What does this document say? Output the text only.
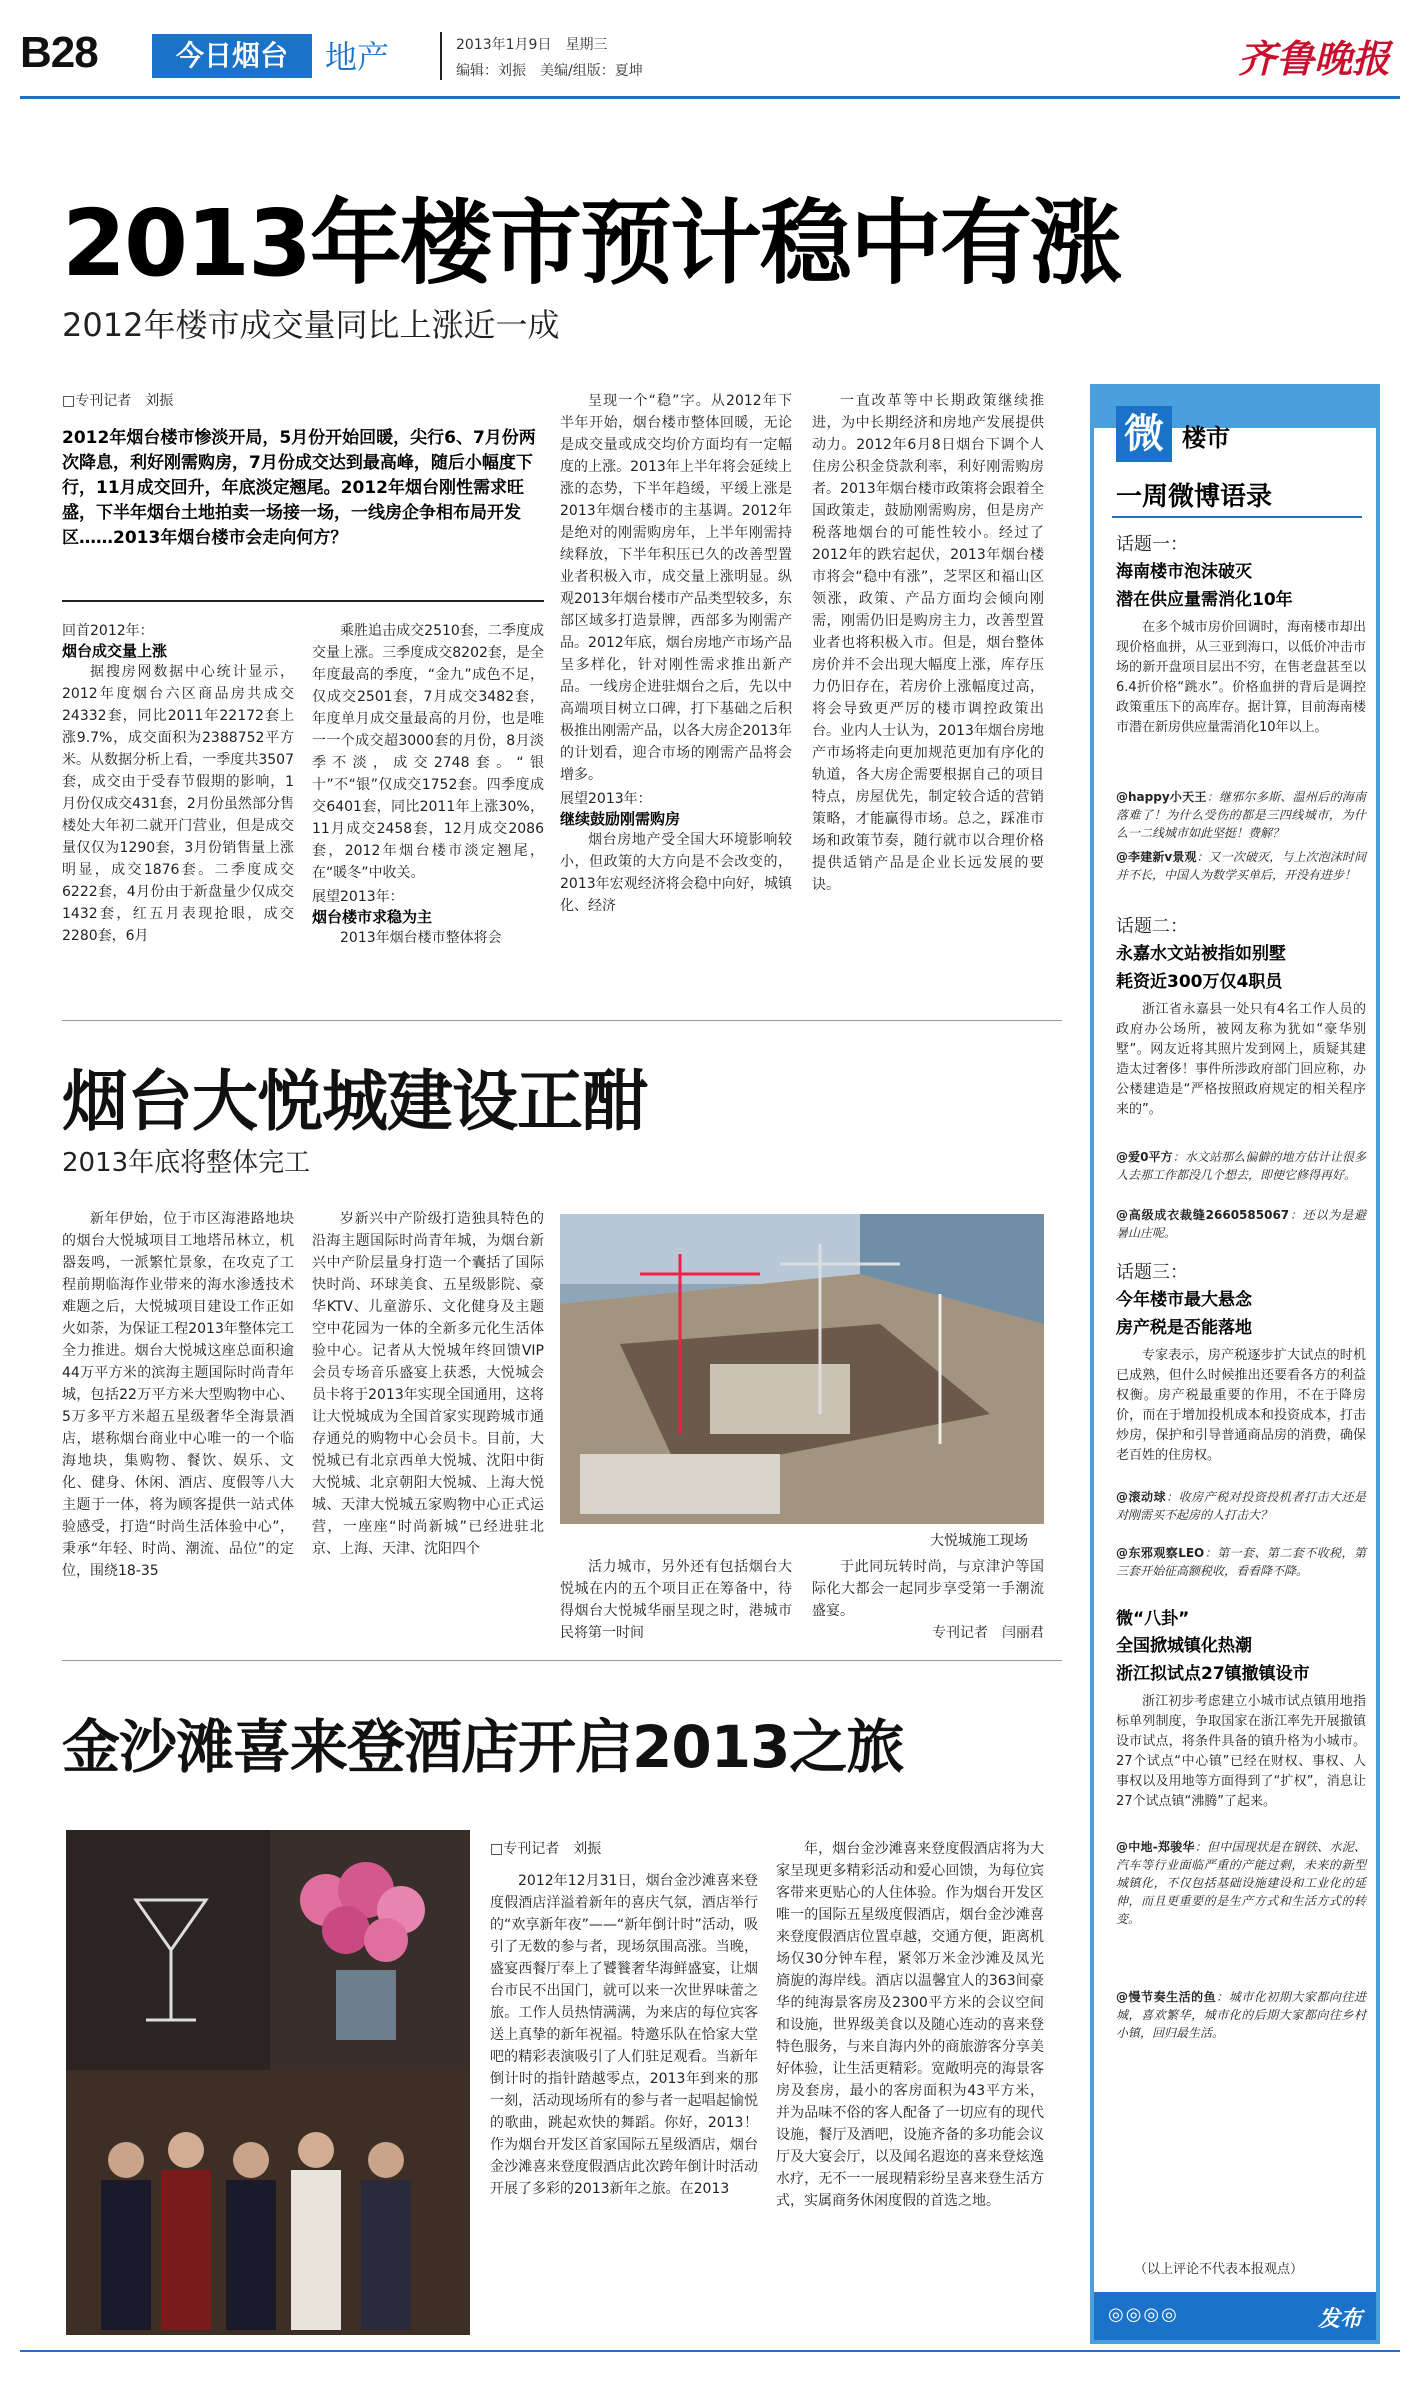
B28	今日烟台	地产	2013年1月9日　 星期三
编辑：刘振　 美编/组版：夏坤	齐鲁晚报
2013年楼市预计稳中有涨
2012年楼市成交量同比上涨近一成
□专刊记者　刘振
2012年烟台楼市惨淡开局，5月份开始回暖，尖行6、7月份两次降息，利好刚需购房，7月份成交达到最高峰，随后小幅度下行，11月成交回升，年底淡定翘尾。2012年烟台刚性需求旺盛，下半年烟台土地拍卖一场接一场，一线房企争相布局开发区……2013年烟台楼市会走向何方？
回首2012年：
烟台成交量上涨

据搜房网数据中心统计显示，2012年度烟台六区商品房共成交24332套，同比2011年22172套上涨9.7%，成交面积为2388752平方米。从数据分析上看，一季度共3507套，成交由于受春节假期的影响，1月份仅成交431套，2月份虽然部分售楼处大年初二就开门营业，但是成交量仅仅为1290套，3月份销售量上涨明显，成交1876套。二季度成交6222套，4月份由于新盘量少仅成交1432套，红五月表现抢眼，成交2280套，6月

乘胜追击成交2510套，二季度成交量上涨。三季度成交8202套，是全年度最高的季度，“金九”成色不足，仅成交2501套，7月成交3482套，年度单月成交量最高的月份，也是唯一一个成交超3000套的月份，8月淡季不淡，成交2748套。“银十”不“银”仅成交1752套。四季度成交6401套，同比2011年上涨30%，11月成交2458套，12月成交2086套，2012年烟台楼市淡定翘尾，在“暖冬”中收关。

展望2013年：
烟台楼市求稳为主

2013年烟台楼市整体将会

呈现一个“稳”字。从2012年下半年开始，烟台楼市整体回暖，无论是成交量或成交均价方面均有一定幅度的上涨。2013年上半年将会延续上涨的态势，下半年趋缓，平缓上涨是2013年烟台楼市的主基调。2012年是绝对的刚需购房年，上半年刚需持续释放，下半年积压已久的改善型置业者积极入市，成交量上涨明显。纵观2013年烟台楼市产品类型较多，东部区域多打造景牌，西部多为刚需产品。2012年底，烟台房地产市场产品呈多样化，针对刚性需求推出新产品。一线房企进驻烟台之后，先以中高端项目树立口碑，打下基础之后积极推出刚需产品，以各大房企2013年的计划看，迎合市场的刚需产品将会增多。

展望2013年：
继续鼓励刚需购房

烟台房地产受全国大环境影响较小，但政策的大方向是不会改变的，2013年宏观经济将会稳中向好，城镇化、经济

一直改革等中长期政策继续推进，为中长期经济和房地产发展提供动力。2012年6月8日烟台下调个人住房公积金贷款利率，利好刚需购房者。2013年烟台楼市政策将会跟着全国政策走，鼓励刚需购房，但是房产税落地烟台的可能性较小。经过了2012年的跌宕起伏，2013年烟台楼市将会“稳中有涨”，芝罘区和福山区领涨，政策、产品方面均会倾向刚需，刚需仍旧是购房主力，改善型置业者也将积极入市。但是，烟台整体房价并不会出现大幅度上涨，库存压力仍旧存在，若房价上涨幅度过高，将会导致更严厉的楼市调控政策出台。业内人士认为，2013年烟台房地产市场将走向更加规范更加有序化的轨道，各大房企需要根据自己的项目特点，房屋优先，制定较合适的营销策略，才能赢得市场。总之，踩准市场和政策节奏，随行就市以合理价格提供适销产品是企业长远发展的要诀。

烟台大悦城建设正酣
2013年底将整体完工

新年伊始，位于市区海港路地块的烟台大悦城项目工地塔吊林立，机器轰鸣，一派繁忙景象，在攻克了工程前期临海作业带来的海水渗透技术难题之后，大悦城项目建设工作正如火如荼，为保证工程2013年整体完工全力推进。烟台大悦城这座总面积逾44万平方米的滨海主题国际时尚青年城，包括22万平方米大型购物中心、5万多平方米超五星级奢华全海景酒店，堪称烟台商业中心唯一的一个临海地块，集购物、餐饮、娱乐、文化、健身、休闲、酒店、度假等八大主题于一体，将为顾客提供一站式体验感受，打造“时尚生活体验中心”，秉承“年轻、时尚、潮流、品位”的定位，围绕18-35

岁新兴中产阶级打造独具特色的沿海主题国际时尚青年城，为烟台新兴中产阶层量身打造一个囊括了国际快时尚、环球美食、五星级影院、豪华KTV、儿童游乐、文化健身及主题空中花园为一体的全新多元化生活体验中心。记者从大悦城年终回馈VIP会员专场音乐盛宴上获悉，大悦城会员卡将于2013年实现全国通用，这将让大悦城成为全国首家实现跨城市通存通兑的购物中心会员卡。目前，大悦城已有北京西单大悦城、沈阳中街大悦城、北京朝阳大悦城、上海大悦城、天津大悦城五家购物中心正式运营，一座座“时尚新城”已经进驻北京、上海、天津、沈阳四个	大悦城施工现场

活力城市，另外还有包括烟台大悦城在内的五个项目正在筹备中，待得烟台大悦城华丽呈现之时，港城市民将第一时间

于此同玩转时尚，与京津沪等国际化大都会一起同步享受第一手潮流盛宴。

专刊记者　闫丽君
金沙滩喜来登酒店开启2013之旅
□专刊记者　刘振

2012年12月31日，烟台金沙滩喜来登度假酒店洋溢着新年的喜庆气氛，酒店举行的“欢享新年夜”——“新年倒计时”活动，吸引了无数的参与者，现场氛围高涨。当晚，盛宴西餐厅奉上了饕餮奢华海鲜盛宴，让烟台市民不出国门，就可以来一次世界味蕾之旅。工作人员热情满满，为来店的每位宾客送上真挚的新年祝福。特邀乐队在恰家大堂吧的精彩表演吸引了人们驻足观看。当新年倒计时的指针踏越零点，2013年到来的那一刻，活动现场所有的参与者一起唱起愉悦的歌曲，跳起欢快的舞蹈。你好，2013！作为烟台开发区首家国际五星级酒店，烟台金沙滩喜来登度假酒店此次跨年倒计时活动开展了多彩的2013新年之旅。在2013

年，烟台金沙滩喜来登度假酒店将为大家呈现更多精彩活动和爱心回馈，为每位宾客带来更贴心的人住体验。作为烟台开发区唯一的国际五星级度假酒店，烟台金沙滩喜来登度假酒店位置卓越，交通方便，距离机场仅30分钟车程，紧邻万米金沙滩及凤光旖旎的海岸线。酒店以温馨宜人的363间豪华的纯海景客房及2300平方米的会议空间和设施，世界级美食以及随心连动的喜来登特色服务，与来自海内外的商旅游客分享美好体验，让生活更精彩。宽敞明亮的海景客房及套房，最小的客房面积为43平方米，并为品味不俗的客人配备了一切应有的现代设施，餐厅及酒吧，设施齐备的多功能会议厅及大宴会厅，以及闻名遐迩的喜来登炫逸水疗，无不一一展现精彩纷呈喜来登生活方式，实属商务休闲度假的首选之地。

微 楼市
一周微博语录
话题一：
海南楼市泡沫破灭
潜在供应量需消化10年

在多个城市房价回调时，海南楼市却出现价格血拼，从三亚到海口，以低价冲击市场的新开盘项目层出不穷，在售老盘甚至以6.4折价格“跳水”。价格血拼的背后是调控政策重压下的高库存。据计算，目前海南楼市潜在新房供应量需消化10年以上。

@happy小天王：继邪尔多斯、温州后的海南落难了！为什么受伤的都是三四线城市，为什么一二线城市如此坚挺！费解？
@李建新v景观：又一次破灭，与上次泡沫时间并不长，中国人为数学买单后，开没有进步！
话题二：
永嘉水文站被指如别墅
耗资近300万仅4职员

浙江省永嘉县一处只有4名工作人员的政府办公场所，被网友称为犹如“豪华别墅”。网友近将其照片发到网上，质疑其建造太过奢侈！事件所涉政府部门回应称，办公楼建造是“严格按照政府规定的相关程序来的”。

@爱0平方：水文站那么偏僻的地方估计让很多人去那工作都没几个想去，即便它修得再好。
@高级成衣裁缝2660585067：还以为是避暑山庄呢。
话题三：
今年楼市最大悬念
房产税是否能落地

专家表示，房产税逐步扩大试点的时机已成熟，但什么时候推出还要看各方的利益权衡。房产税最重要的作用，不在于降房价，而在于增加投机成本和投资成本，打击炒房，保护和引导普通商品房的消费，确保老百姓的住房权。

@滚动球：收房产税对投资投机者打击大还是对刚需买不起房的人打击大？
@东邪观察LEO：第一套、第二套不收税，第三套开始征高额税收，看看降不降。
微“八卦”
全国掀城镇化热潮
浙江拟试点27镇撤镇设市

浙江初步考虑建立小城市试点镇用地指标单列制度，争取国家在浙江率先开展撤镇设市试点，将条件具备的镇升格为小城市。27个试点“中心镇”已经在财权、事权、人事权以及用地等方面得到了“扩权”，消息让27个试点镇“沸腾”了起来。

@中地-郑骏华：但中国现状是在钢铁、水泥、汽车等行业面临严重的产能过剩，未来的新型城镇化，不仅包括基础设施建设和工业化的延伸，而且更重要的是生产方式和生活方式的转变。
@慢节奏生活的鱼：城市化初期大家都向往进城，喜欢繁华，城市化的后期大家都向往乡村小镇，回归最生活。
（以上评论不代表本报观点）
◎◎◎◎	发布
